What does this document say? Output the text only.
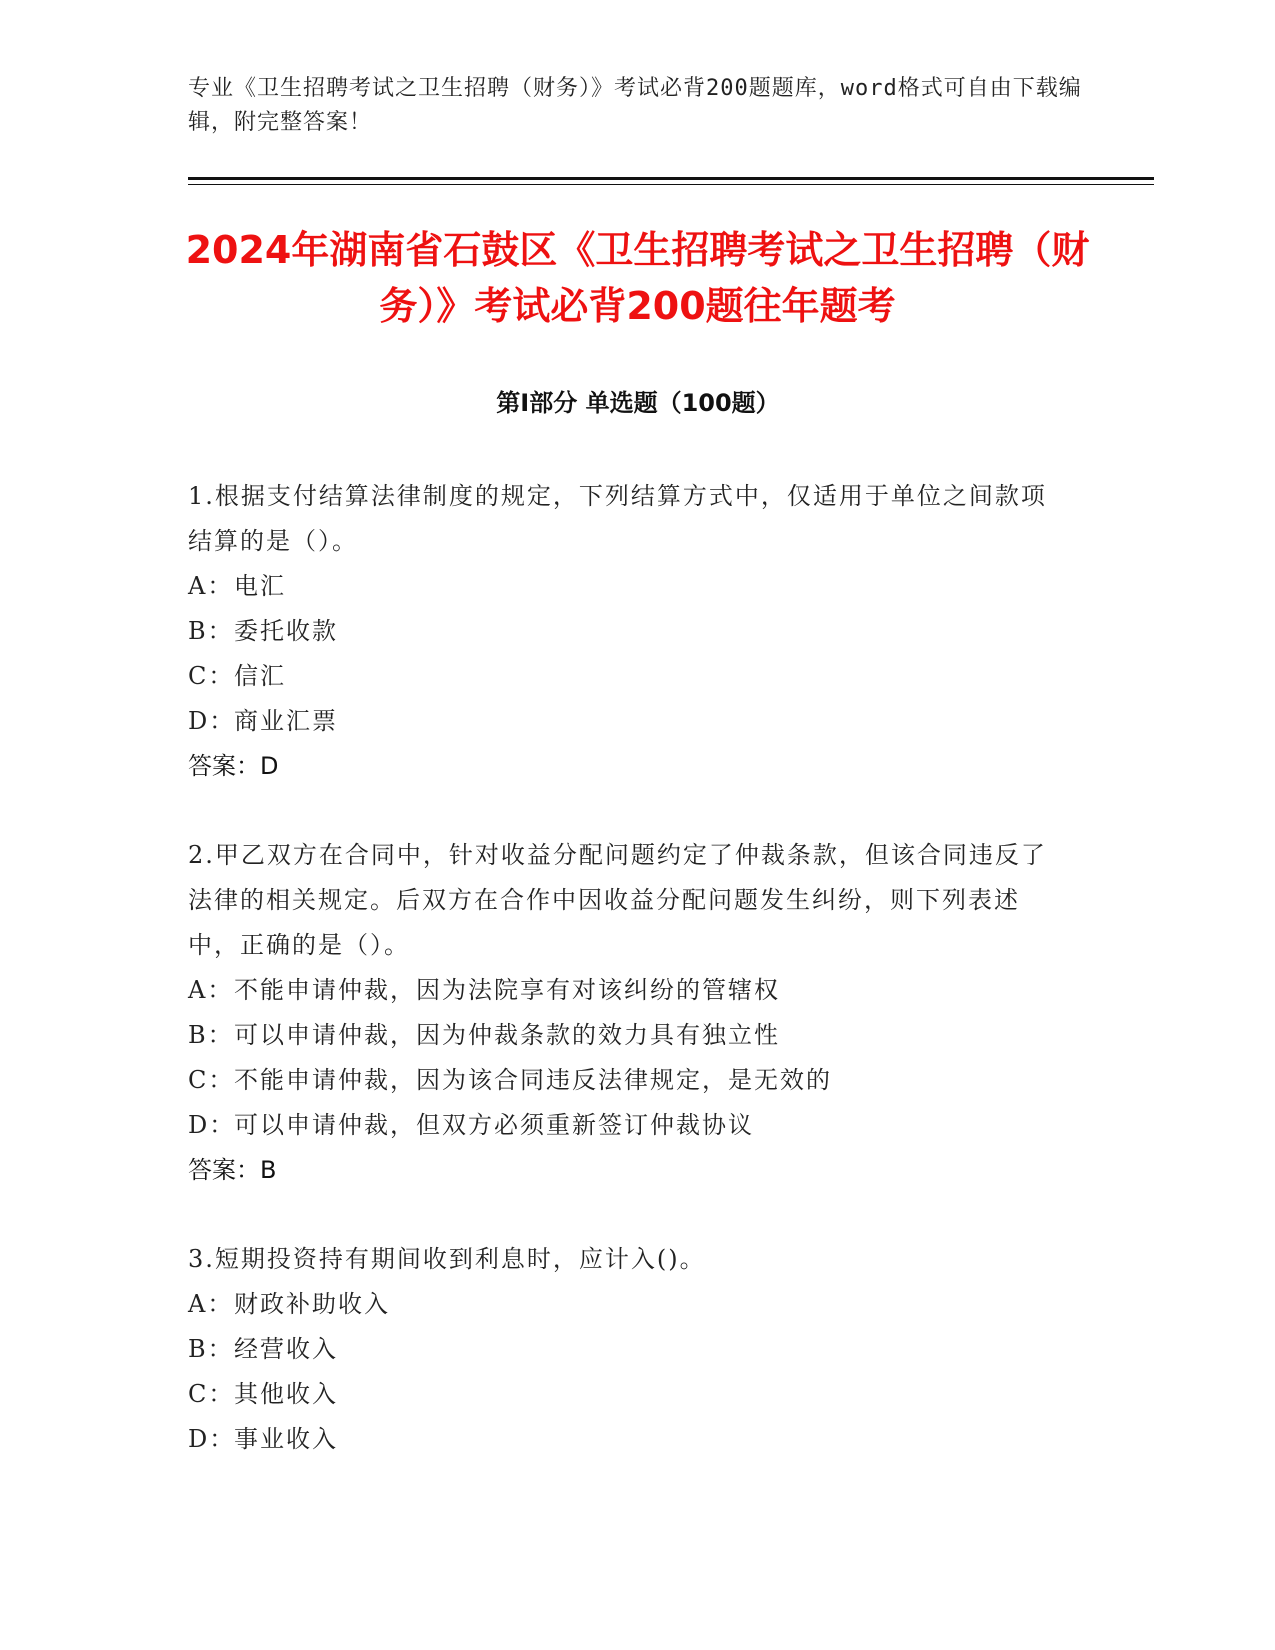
专业《卫生招聘考试之卫生招聘（财务）》考试必背200题题库，word格式可自由下载编辑，附完整答案！
2024年湖南省石鼓区《卫生招聘考试之卫生招聘（财务）》考试必背200题往年题考
第Ⅰ部分 单选题（100题）
1.根据支付结算法律制度的规定，下列结算方式中，仅适用于单位之间款项结算的是（）。
A：电汇
B：委托收款
C：信汇
D：商业汇票
答案：D
2.甲乙双方在合同中，针对收益分配问题约定了仲裁条款，但该合同违反了法律的相关规定。后双方在合作中因收益分配问题发生纠纷，则下列表述中，正确的是（）。
A：不能申请仲裁，因为法院享有对该纠纷的管辖权
B：可以申请仲裁，因为仲裁条款的效力具有独立性
C：不能申请仲裁，因为该合同违反法律规定，是无效的
D：可以申请仲裁，但双方必须重新签订仲裁协议
答案：B
3.短期投资持有期间收到利息时，应计入()。
A：财政补助收入
B：经营收入
C：其他收入
D：事业收入
